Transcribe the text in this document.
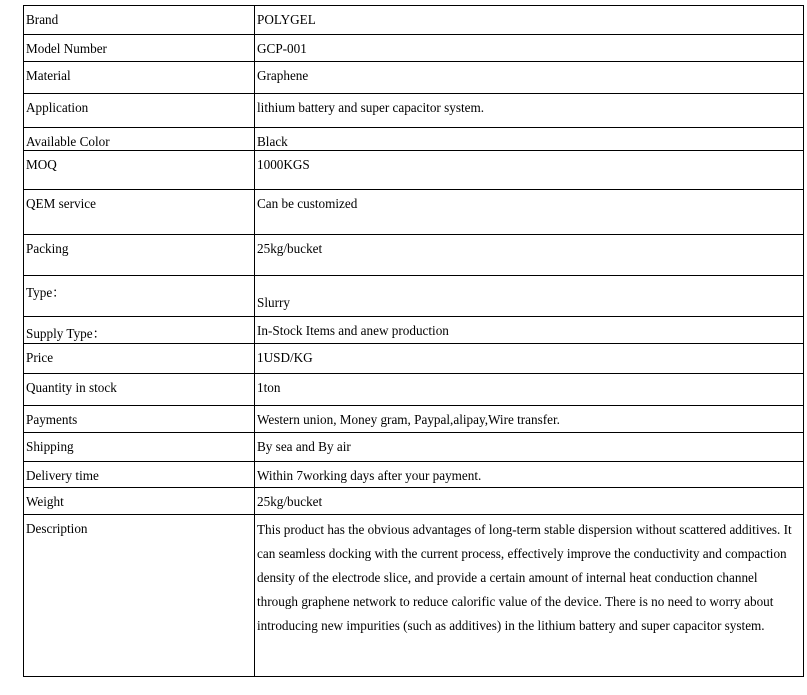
Brand	POLYGEL
Model Number	GCP-001
Material	Graphene
Application	lithium battery and super capacitor system.
Available Color	Black
MOQ	1000KGS
QEM service	Can be customized
Packing	25kg/bucket
Type：	Slurry
Supply Type：	In-Stock Items and anew production
Price	1USD/KG
Quantity in stock	1ton
Payments	Western union, Money gram, Paypal,alipay,Wire transfer.
Shipping	By sea and By air
Delivery time	Within 7working days after your payment.
Weight	25kg/bucket
Description	This product has the obvious advantages of long-term stable dispersion without scattered additives. It can seamless docking with the current process, effectively improve the conductivity and compaction density of the electrode slice, and provide a certain amount of internal heat conduction channel through graphene network to reduce calorific value of the device. There is no need to worry about introducing new impurities (such as additives) in the lithium battery and super capacitor system.
